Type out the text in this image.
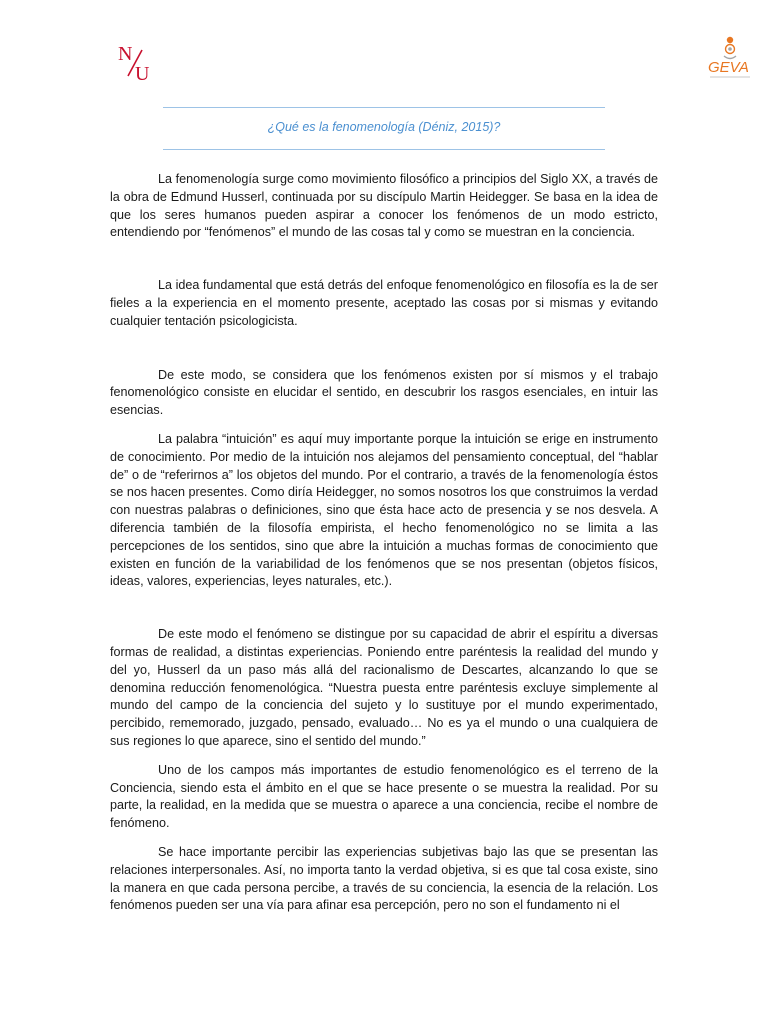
N
U	GEVA
¿Qué es la fenomenología (Déniz, 2015)?

La fenomenología surge como movimiento filosófico a principios del Siglo XX, a través de la obra de Edmund Husserl, continuada por su discípulo Martin Heidegger. Se basa en la idea de que los seres humanos pueden aspirar a conocer los fenómenos de un modo estricto, entendiendo por “fenómenos” el mundo de las cosas tal y como se muestran en la conciencia.

La idea fundamental que está detrás del enfoque fenomenológico en filosofía es la de ser fieles a la experiencia en el momento presente, aceptado las cosas por si mismas y evitando cualquier tentación psicologicista.

De este modo, se considera que los fenómenos existen por sí mismos y el trabajo fenomenológico consiste en elucidar el sentido, en descubrir los rasgos esenciales, en intuir las esencias.

La palabra “intuición” es aquí muy importante porque la intuición se erige en instrumento de conocimiento. Por medio de la intuición nos alejamos del pensamiento conceptual, del “hablar de” o de “referirnos a” los objetos del mundo. Por el contrario, a través de la fenomenología éstos se nos hacen presentes. Como diría Heidegger, no somos nosotros los que construimos la verdad con nuestras palabras o definiciones, sino que ésta hace acto de presencia y se nos desvela. A diferencia también de la filosofía empirista, el hecho fenomenológico no se limita a las percepciones de los sentidos, sino que abre la intuición a muchas formas de conocimiento que existen en función de la variabilidad de los fenómenos que se nos presentan (objetos físicos, ideas, valores, experiencias, leyes naturales, etc.).

De este modo el fenómeno se distingue por su capacidad de abrir el espíritu a diversas formas de realidad, a distintas experiencias. Poniendo entre paréntesis la realidad del mundo y del yo, Husserl da un paso más allá del racionalismo de Descartes, alcanzando lo que se denomina reducción fenomenológica. “Nuestra puesta entre paréntesis excluye simplemente al mundo del campo de la conciencia del sujeto y lo sustituye por el mundo experimentado, percibido, rememorado, juzgado, pensado, evaluado… No es ya el mundo o una cualquiera de sus regiones lo que aparece, sino el sentido del mundo.”

Uno de los campos más importantes de estudio fenomenológico es el terreno de la Conciencia, siendo esta el ámbito en el que se hace presente o se muestra la realidad. Por su parte, la realidad, en la medida que se muestra o aparece a una conciencia, recibe el nombre de fenómeno.

Se hace importante percibir las experiencias subjetivas bajo las que se presentan las relaciones interpersonales. Así, no importa tanto la verdad objetiva, si es que tal cosa existe, sino la manera en que cada persona percibe, a través de su conciencia, la esencia de la relación. Los fenómenos pueden ser una vía para afinar esa percepción, pero no son el fundamento ni el
